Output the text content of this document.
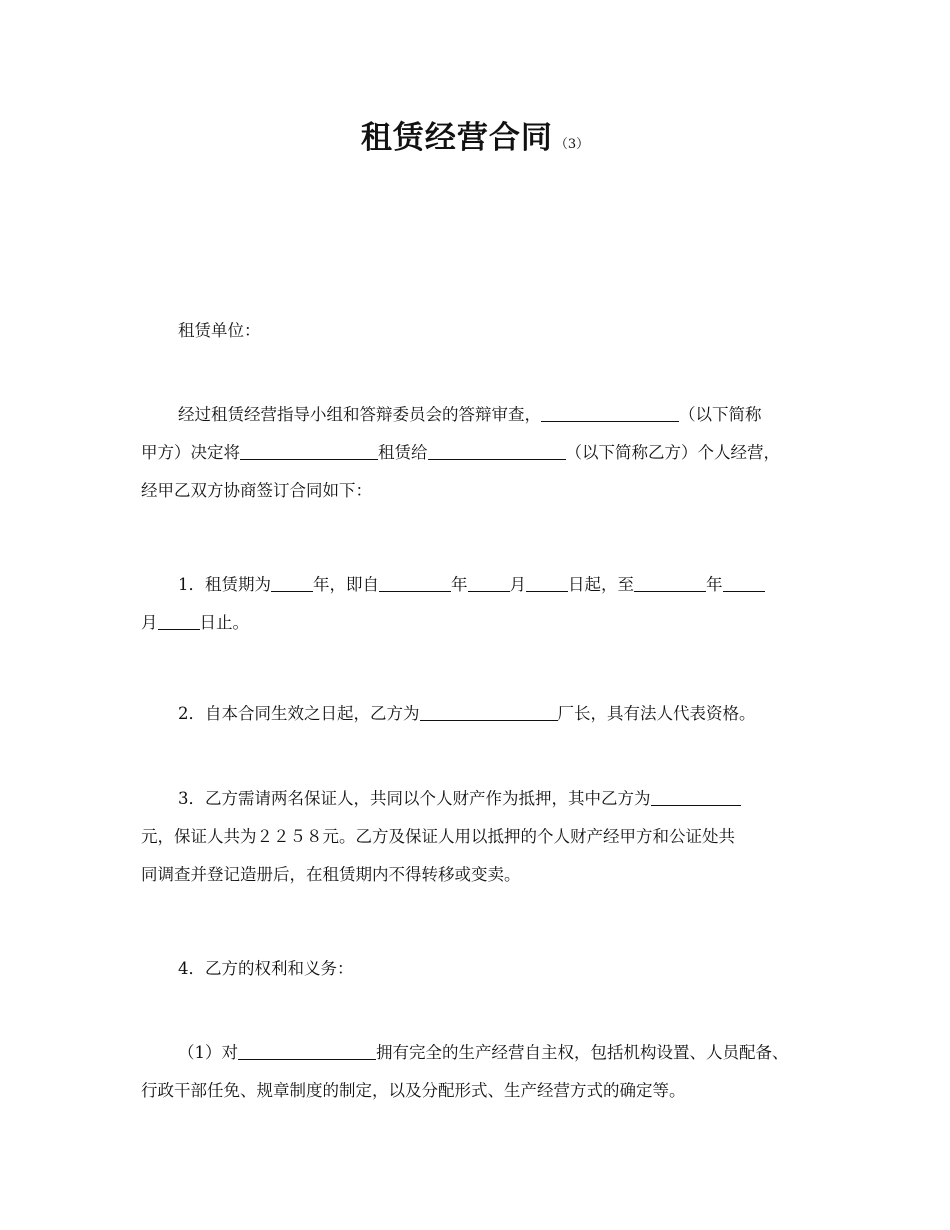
租赁经营合同 （3）
租赁单位：
经过租赁经营指导小组和答辩委员会的答辩审查，	（以下简称
甲方）决定将	租赁给	（以下简称乙方）个人经营，
经甲乙双方协商签订合同如下：
1．租赁期为	年，即自	年	月	日起，至	年
月	日止。
2．自本合同生效之日起，乙方为	厂长，具有法人代表资格。
3．乙方需请两名保证人，共同以个人财产作为抵押，其中乙方为
元，保证人共为２２５８元。乙方及保证人用以抵押的个人财产经甲方和公证处共
同调查并登记造册后，在租赁期内不得转移或变卖。
4．乙方的权利和义务：
（1）对	拥有完全的生产经营自主权，包括机构设置、人员配备、
行政干部任免、规章制度的制定，以及分配形式、生产经营方式的确定等。
